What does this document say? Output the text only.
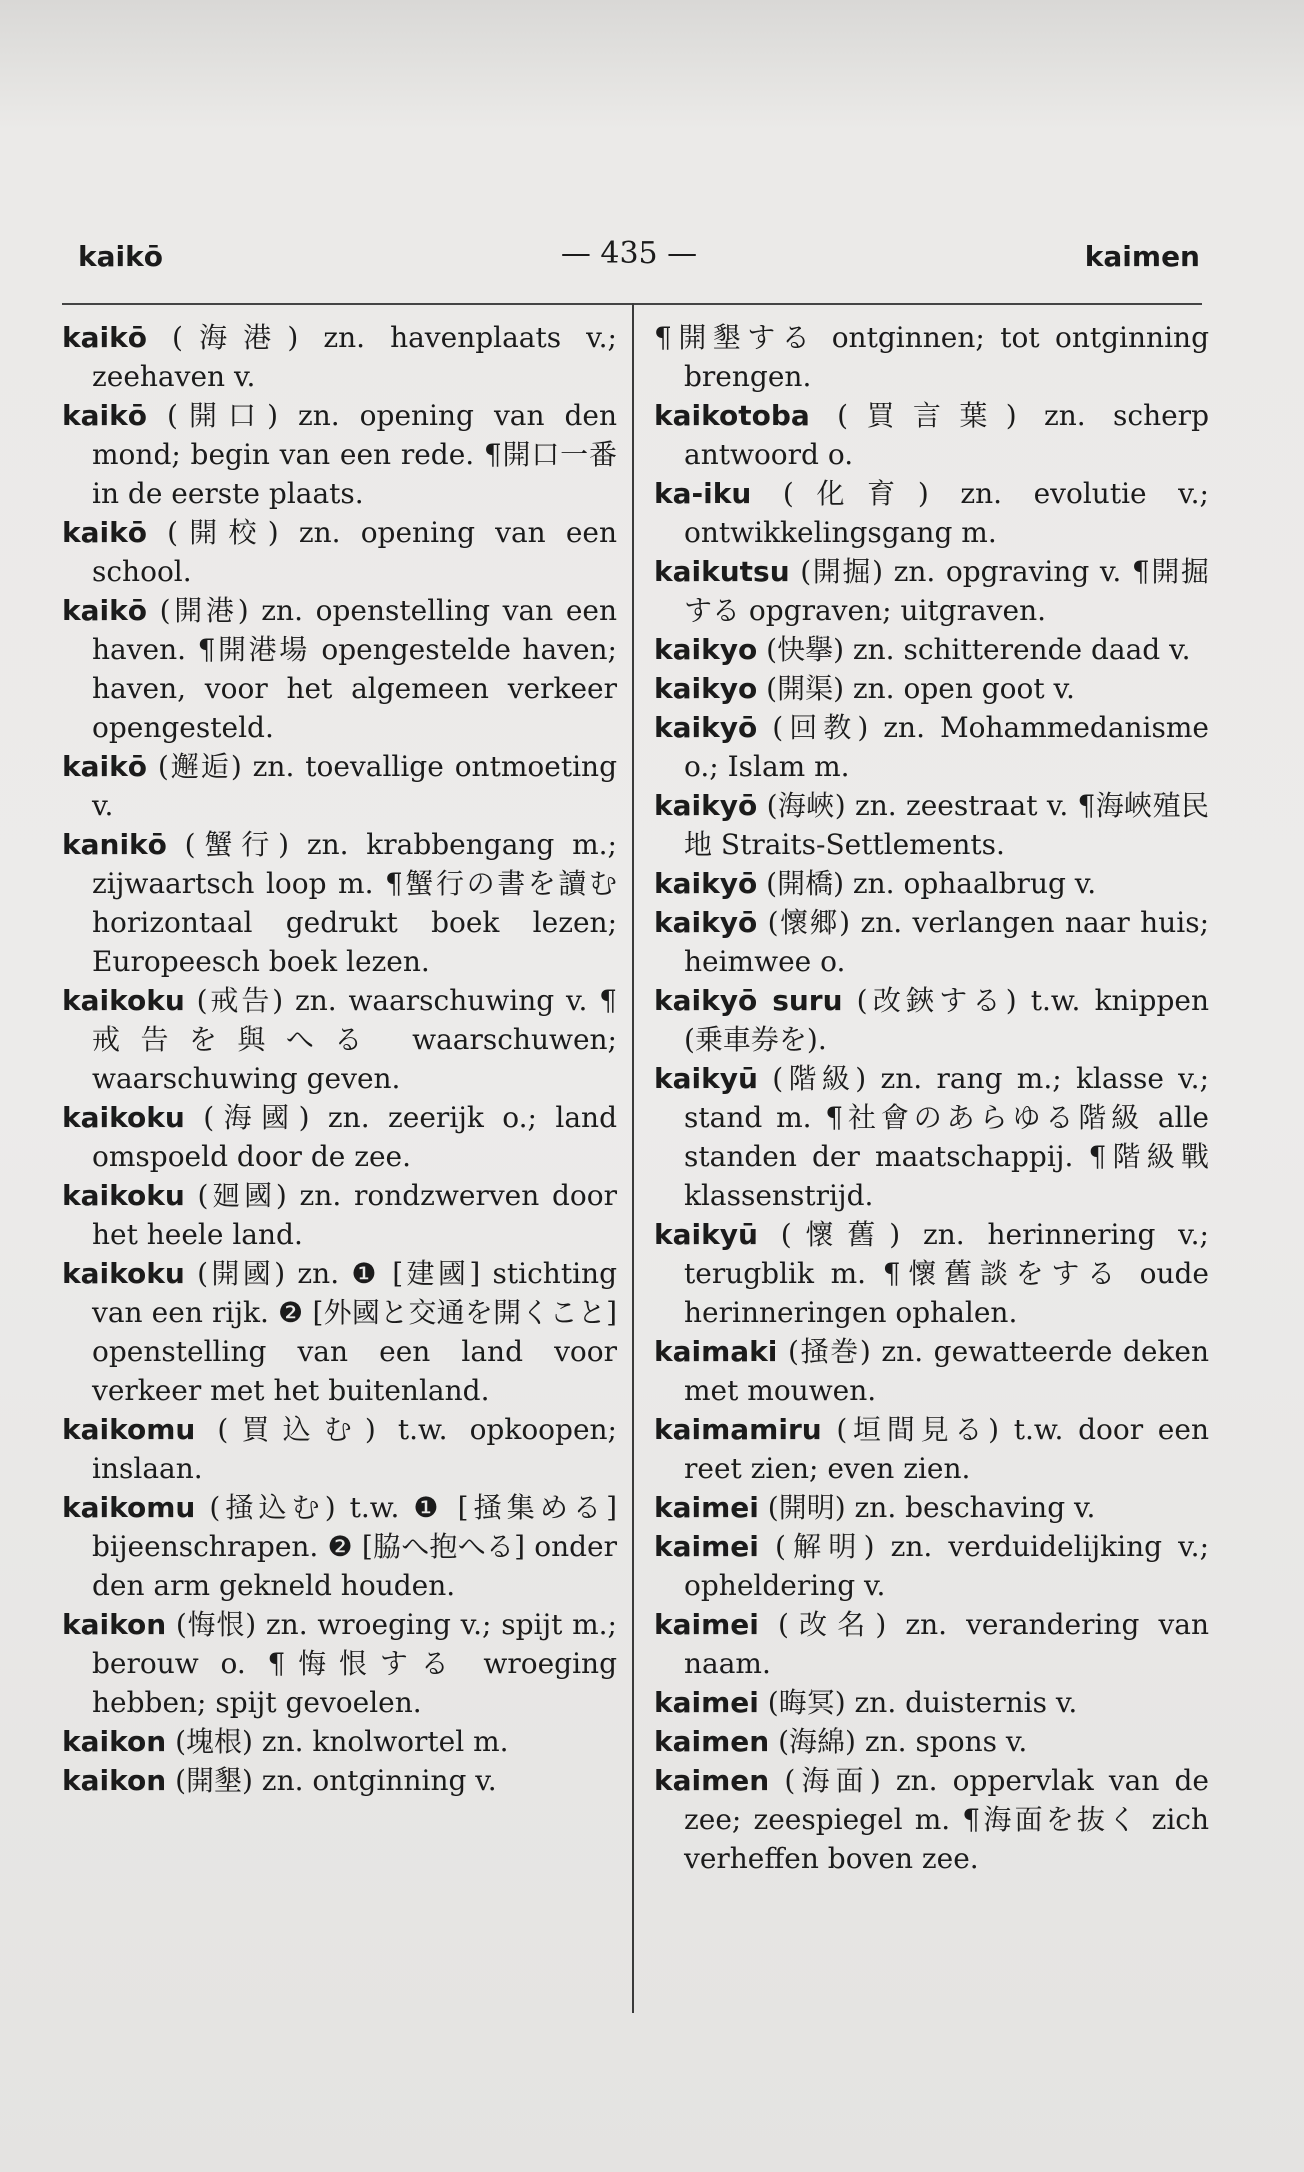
kaikō	— 435 —	kaimen

kaikō (海港) zn. havenplaats v.; zeehaven v.

kaikō (開口) zn. opening van den mond; begin van een rede. ¶開口一番 in de eerste plaats.

kaikō (開校) zn. opening van een school.

kaikō (開港) zn. openstelling van een haven. ¶開港場 opengestelde haven; haven, voor het algemeen verkeer opengesteld.

kaikō (邂逅) zn. toevallige ontmoeting v.

kanikō (蟹行) zn. krabbengang m.; zijwaartsch loop m. ¶蟹行の書を讀む horizontaal gedrukt boek lezen; Europeesch boek lezen.

kaikoku (戒告) zn. waarschuwing v. ¶戒告を與へる waarschuwen; waarschuwing geven.

kaikoku (海國) zn. zeerijk o.; land omspoeld door de zee.

kaikoku (廻國) zn. rondzwerven door het heele land.

kaikoku (開國) zn. ❶ [建國] stichting van een rijk. ❷ [外國と交通を開くこと] openstelling van een land voor verkeer met het buitenland.

kaikomu (買込む) t.w. opkoopen; inslaan.

kaikomu (掻込む) t.w. ❶ [掻集める] bijeenschrapen. ❷ [脇へ抱へる] onder den arm gekneld houden.

kaikon (悔恨) zn. wroeging v.; spijt m.; berouw o. ¶悔恨する wroeging hebben; spijt gevoelen.

kaikon (塊根) zn. knolwortel m.

kaikon (開墾) zn. ontginning v.

¶開墾する ontginnen; tot ontginning brengen.

kaikotoba (買言葉) zn. scherp antwoord o.

ka-iku (化育) zn. evolutie v.; ontwikkelingsgang m.

kaikutsu (開掘) zn. opgraving v. ¶開掘する opgraven; uitgraven.

kaikyo (快擧) zn. schitterende daad v.

kaikyo (開渠) zn. open goot v.

kaikyō (回教) zn. Mohammedanisme o.; Islam m.

kaikyō (海峽) zn. zeestraat v. ¶海峽殖民地 Straits-Settlements.

kaikyō (開橋) zn. ophaalbrug v.

kaikyō (懷郷) zn. verlangen naar huis; heimwee o.

kaikyō suru (改鋏する) t.w. knippen (乗車券を).

kaikyū (階級) zn. rang m.; klasse v.; stand m. ¶社會のあらゆる階級 alle standen der maatschappij. ¶階級戰 klassenstrijd.

kaikyū (懷舊) zn. herinnering v.; terugblik m. ¶懷舊談をする oude herinneringen ophalen.

kaimaki (掻巻) zn. gewatteerde deken met mouwen.

kaimamiru (垣間見る) t.w. door een reet zien; even zien.

kaimei (開明) zn. beschaving v.

kaimei (解明) zn. verduidelijking v.; opheldering v.

kaimei (改名) zn. verandering van naam.

kaimei (晦冥) zn. duisternis v.

kaimen (海綿) zn. spons v.

kaimen (海面) zn. oppervlak van de zee; zeespiegel m. ¶海面を抜く zich verheffen boven zee.
